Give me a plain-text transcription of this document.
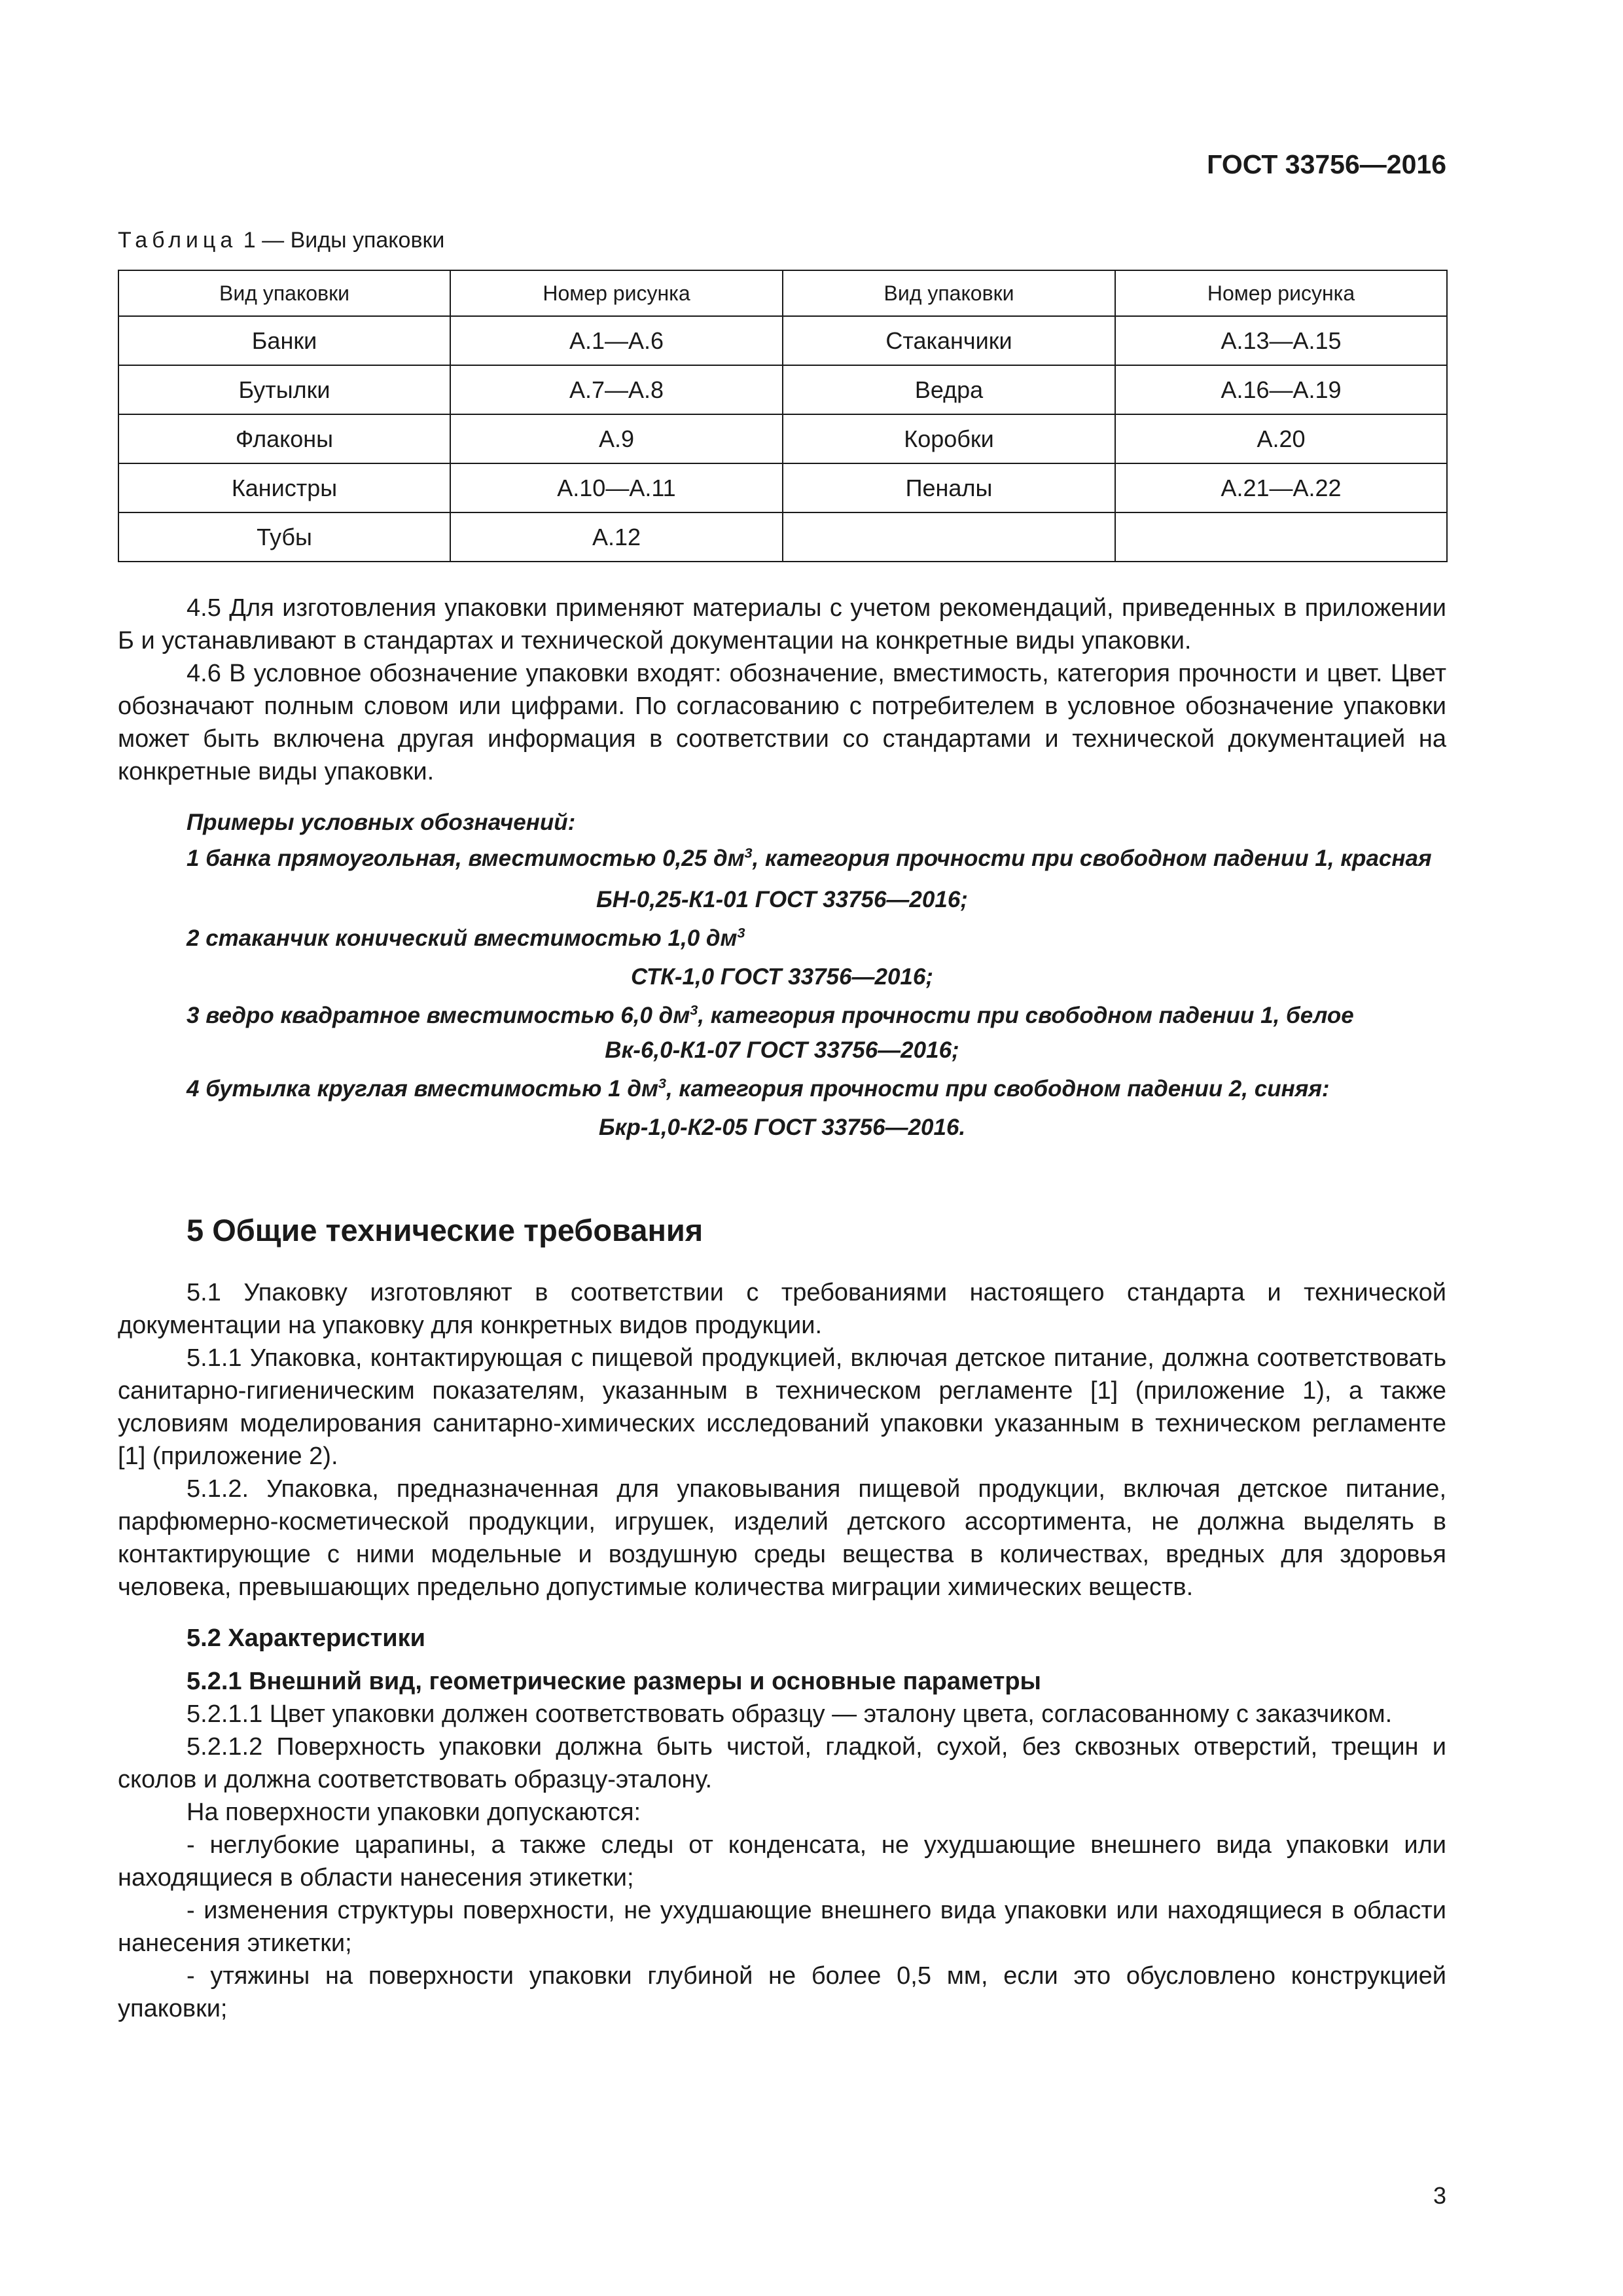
ГОСТ 33756—2016
Таблица 1 — Виды упаковки
Вид упаковки	Номер рисунка	Вид упаковки	Номер рисунка
Банки	А.1—А.6	Стаканчики	А.13—А.15
Бутылки	А.7—А.8	Ведра	А.16—А.19
Флаконы	А.9	Коробки	А.20
Канистры	А.10—А.11	Пеналы	А.21—А.22
Тубы	А.12		

4.5 Для изготовления упаковки применяют материалы с учетом рекомендаций, приведенных в приложении Б и устанавливают в стандартах и технической документации на конкретные виды упаковки.

4.6 В условное обозначение упаковки входят: обозначение, вместимость, категория прочности и цвет. Цвет обозначают полным словом или цифрами. По согласованию с потребителем в условное обозначение упаковки может быть включена другая информация в соответствии со стандартами и технической документацией на конкретные виды упаковки.

Примеры условных обозначений:

1 банка прямоугольная, вместимостью 0,25 $дм^3$, категория прочности при свободном падении 1, красная

БН-0,25-К1-01 ГОСТ 33756—2016;

2 стаканчик конический вместимостью 1,0 $дм^3$

СТК-1,0 ГОСТ 33756—2016;

3 ведро квадратное вместимостью 6,0 $дм^3$, категория прочности при свободном падении 1, белое

Вк-6,0-К1-07 ГОСТ 33756—2016;

4 бутылка круглая вместимостью 1 $дм^3$, категория прочности при свободном падении 2, синяя:

Бкр-1,0-К2-05 ГОСТ 33756—2016.

5 Общие технические требования

5.1 Упаковку изготовляют в соответствии с требованиями настоящего стандарта и технической документации на упаковку для конкретных видов продукции.

5.1.1 Упаковка, контактирующая с пищевой продукцией, включая детское питание, должна соответствовать санитарно-гигиеническим показателям, указанным в техническом регламенте [1] (приложение 1), а также условиям моделирования санитарно-химических исследований упаковки указанным в техническом регламенте [1] (приложение 2).

5.1.2. Упаковка, предназначенная для упаковывания пищевой продукции, включая детское питание, парфюмерно-косметической продукции, игрушек, изделий детского ассортимента, не должна выделять в контактирующие с ними модельные и воздушную среды вещества в количествах, вредных для здоровья человека, превышающих предельно допустимые количества миграции химических веществ.

5.2 Характеристики

5.2.1 Внешний вид, геометрические размеры и основные параметры

5.2.1.1 Цвет упаковки должен соответствовать образцу — эталону цвета, согласованному с заказчиком.

5.2.1.2 Поверхность упаковки должна быть чистой, гладкой, сухой, без сквозных отверстий, трещин и сколов и должна соответствовать образцу-эталону.

На поверхности упаковки допускаются:

- неглубокие царапины, а также следы от конденсата, не ухудшающие внешнего вида упаковки или находящиеся в области нанесения этикетки;

- изменения структуры поверхности, не ухудшающие внешнего вида упаковки или находящиеся в области нанесения этикетки;

- утяжины на поверхности упаковки глубиной не более 0,5 мм, если это обусловлено конструкцией упаковки;

3
